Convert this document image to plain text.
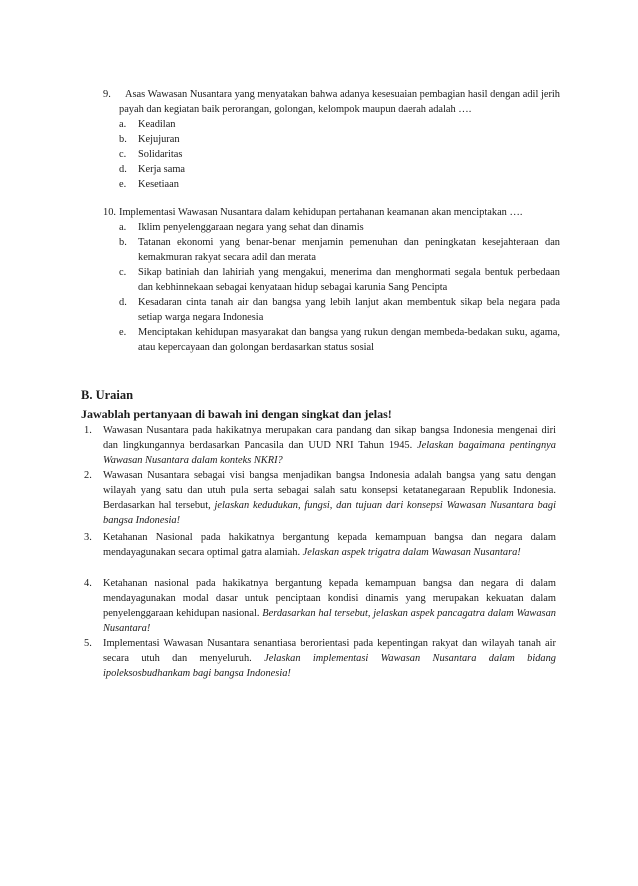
9.	Asas Wawasan Nusantara yang menyatakan bahwa adanya kesesuaian pembagian hasil dengan adil jerih payah dan kegiatan baik perorangan, golongan, kelompok maupun daerah adalah ….

a. Keadilan
b. Kejujuran
c. Solidaritas
d. Kerja sama
e. Kesetiaan
10. Implementasi Wawasan Nusantara dalam kehidupan pertahanan keamanan akan menciptakan ….

a. Iklim penyelenggaraan negara yang sehat dan dinamis
b. Tatanan ekonomi yang benar-benar menjamin pemenuhan dan peningkatan kesejahteraan dan kemakmuran rakyat secara adil dan merata
c. Sikap batiniah dan lahiriah yang mengakui, menerima dan menghormati segala bentuk perbedaan dan kebhinnekaan sebagai kenyataan hidup sebagai karunia Sang Pencipta
d. Kesadaran cinta tanah air dan bangsa yang lebih lanjut akan membentuk sikap bela negara pada setiap warga negara Indonesia
e. Menciptakan kehidupan masyarakat dan bangsa yang rukun dengan membeda-bedakan suku, agama, atau kepercayaan dan golongan berdasarkan status sosial
B. Uraian
Jawablah pertanyaan di bawah ini dengan singkat dan jelas!
1. Wawasan Nusantara pada hakikatnya merupakan cara pandang dan sikap bangsa Indonesia mengenai diri dan lingkungannya berdasarkan Pancasila dan UUD NRI Tahun 1945. Jelaskan bagaimana pentingnya Wawasan Nusantara dalam konteks NKRI?

2. Wawasan Nusantara sebagai visi bangsa menjadikan bangsa Indonesia adalah bangsa yang satu dengan wilayah yang satu dan utuh pula serta sebagai salah satu konsepsi ketatanegaraan Republik Indonesia. Berdasarkan hal tersebut, jelaskan kedudukan, fungsi, dan tujuan dari konsepsi Wawasan Nusantara bagi bangsa Indonesia!

3. Ketahanan Nasional pada hakikatnya bergantung kepada kemampuan bangsa dan negara dalam mendayagunakan secara optimal gatra alamiah. Jelaskan aspek trigatra dalam Wawasan Nusantara!

4. Ketahanan nasional pada hakikatnya bergantung kepada kemampuan bangsa dan negara di dalam mendayagunakan modal dasar untuk penciptaan kondisi dinamis yang merupakan kekuatan dalam penyelenggaraan kehidupan nasional. Berdasarkan hal tersebut, jelaskan aspek pancagatra dalam Wawasan Nusantara!

5. Implementasi Wawasan Nusantara senantiasa berorientasi pada kepentingan rakyat dan wilayah tanah air secara utuh dan menyeluruh. Jelaskan implementasi Wawasan Nusantara dalam bidang ipoleksosbudhankam bagi bangsa Indonesia!
